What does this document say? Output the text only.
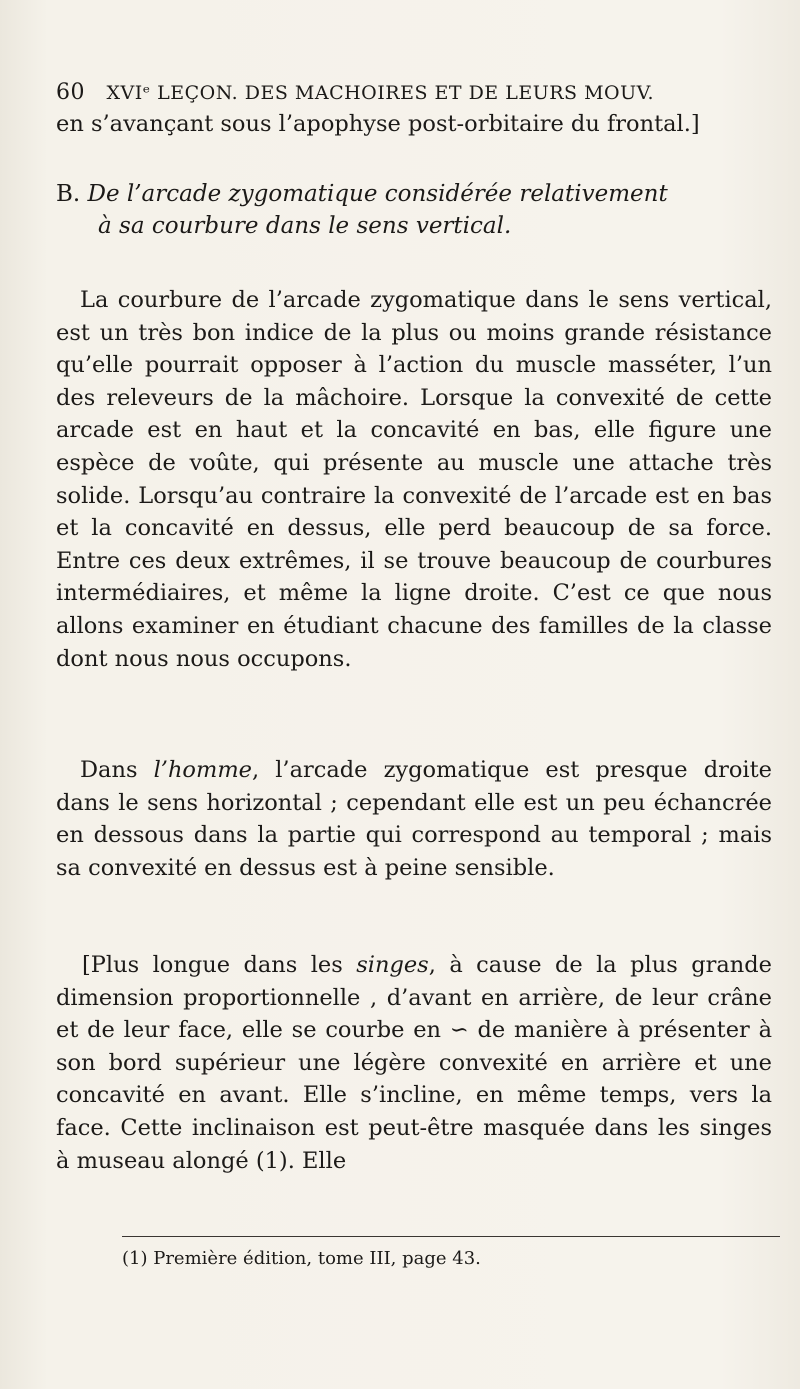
60 XVIᵉ LEÇON. DES MACHOIRES ET DE LEURS MOUV.
en s’avançant sous l’apophyse post-orbitaire du frontal.]
B. De l’arcade zygomatique considérée relativement
à sa courbure dans le sens vertical.

La courbure de l’arcade zygomatique dans le sens vertical, est un très bon indice de la plus ou moins grande résistance qu’elle pourrait opposer à l’action du muscle masséter, l’un des releveurs de la mâchoire. Lorsque la convexité de cette arcade est en haut et la concavité en bas, elle figure une espèce de voûte, qui présente au muscle une attache très solide. Lorsqu’au contraire la convexité de l’arcade est en bas et la concavité en dessus, elle perd beaucoup de sa force. Entre ces deux extrêmes, il se trouve beaucoup de courbures intermédiaires, et même la ligne droite. C’est ce que nous allons examiner en étudiant chacune des familles de la classe dont nous nous occupons.

Dans l’homme, l’arcade zygomatique est presque droite dans le sens horizontal ; cependant elle est un peu échancrée en dessous dans la partie qui correspond au temporal ; mais sa convexité en dessus est à peine sensible.

[Plus longue dans les singes, à cause de la plus grande dimension proportionnelle , d’avant en arrière, de leur crâne et de leur face, elle se courbe en ∽ de manière à présenter à son bord supérieur une légère convexité en arrière et une concavité en avant. Elle s’incline, en même temps, vers la face. Cette inclinaison est peut-être masquée dans les singes à museau alongé (1). Elle

(1) Première édition, tome III, page 43.
